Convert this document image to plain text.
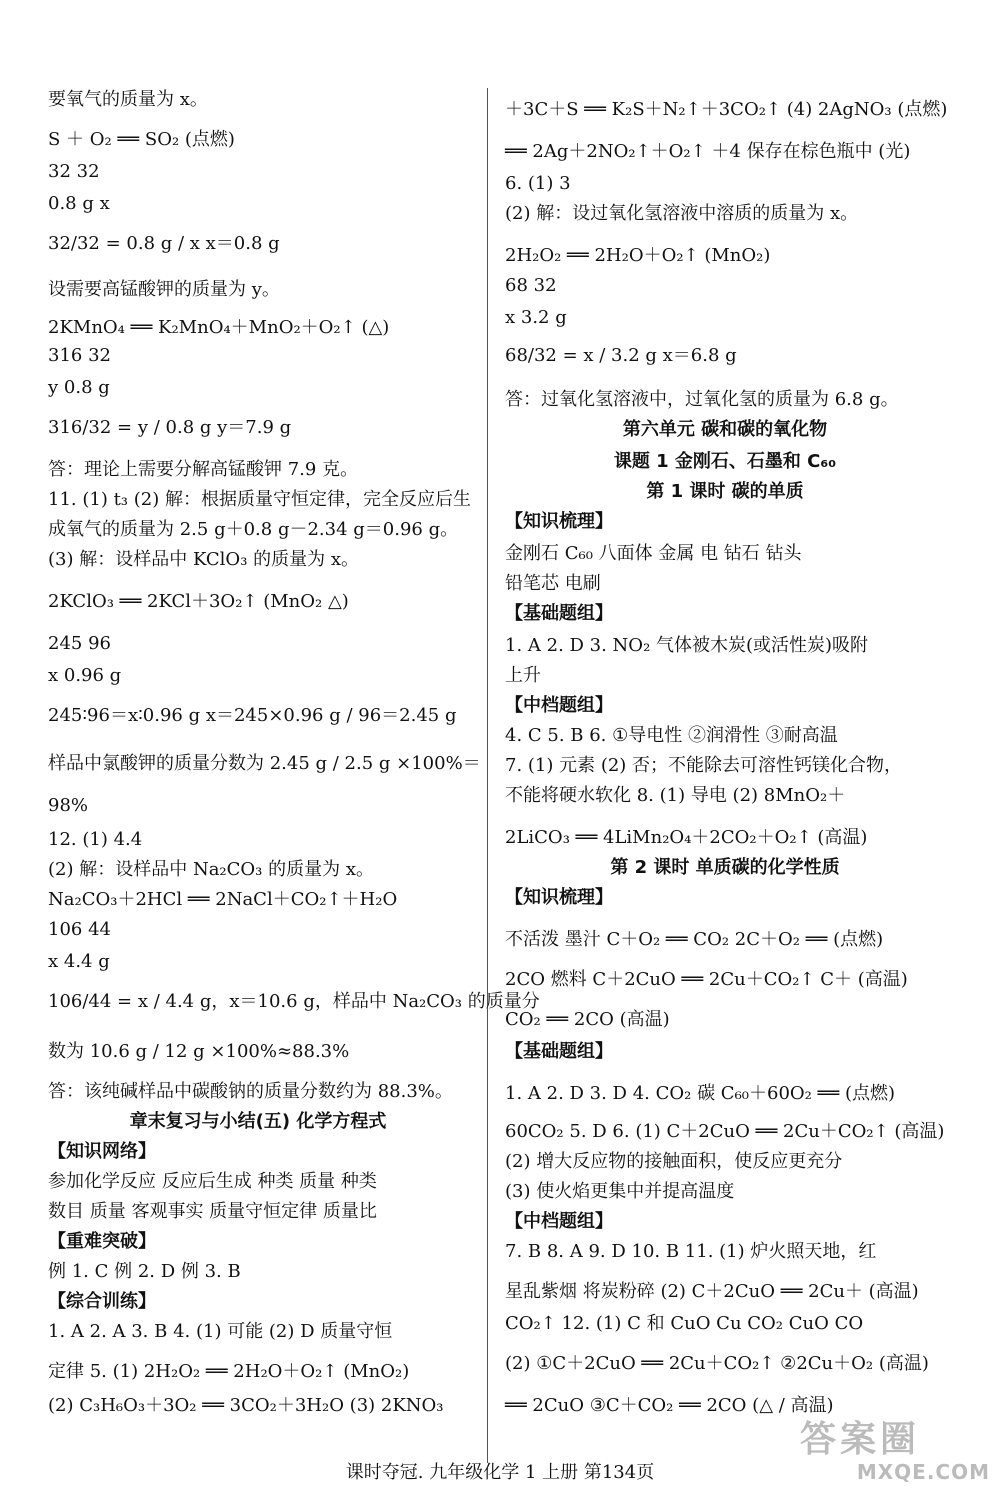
要氧气的质量为 x。
S ＋ O₂ ══ SO₂ (点燃)
32 32
0.8 g x
32/32 = 0.8 g / x x＝0.8 g
设需要高锰酸钾的质量为 y。
2KMnO₄ ══ K₂MnO₄＋MnO₂＋O₂↑ (△)
316 32
y 0.8 g
316/32 = y / 0.8 g y＝7.9 g
答：理论上需要分解高锰酸钾 7.9 克。
11. (1) t₃ (2) 解：根据质量守恒定律，完全反应后生
成氧气的质量为 2.5 g＋0.8 g－2.34 g＝0.96 g。
(3) 解：设样品中 KClO₃ 的质量为 x。
2KClO₃ ══ 2KCl＋3O₂↑ (MnO₂ △)
245 96
x 0.96 g
245∶96＝x∶0.96 g x＝245×0.96 g / 96＝2.45 g
样品中氯酸钾的质量分数为 2.45 g / 2.5 g ×100%＝
98%
12. (1) 4.4
(2) 解：设样品中 Na₂CO₃ 的质量为 x。
Na₂CO₃＋2HCl ══ 2NaCl＋CO₂↑＋H₂O
106 44
x 4.4 g
106/44 = x / 4.4 g，x＝10.6 g，样品中 Na₂CO₃ 的质量分
数为 10.6 g / 12 g ×100%≈88.3%
答：该纯碱样品中碳酸钠的质量分数约为 88.3%。
章末复习与小结(五) 化学方程式
【知识网络】
参加化学反应 反应后生成 种类 质量 种类
数目 质量 客观事实 质量守恒定律 质量比
【重难突破】
例 1. C 例 2. D 例 3. B
【综合训练】
1. A 2. A 3. B 4. (1) 可能 (2) D 质量守恒
定律 5. (1) 2H₂O₂ ══ 2H₂O＋O₂↑ (MnO₂)
(2) C₃H₆O₃＋3O₂ ══ 3CO₂＋3H₂O (3) 2KNO₃
＋3C＋S ══ K₂S＋N₂↑＋3CO₂↑ (4) 2AgNO₃ (点燃)
══ 2Ag＋2NO₂↑＋O₂↑ ＋4 保存在棕色瓶中 (光)
6. (1) 3
(2) 解：设过氧化氢溶液中溶质的质量为 x。
2H₂O₂ ══ 2H₂O＋O₂↑ (MnO₂)
68 32
x 3.2 g
68/32 = x / 3.2 g x＝6.8 g
答：过氧化氢溶液中，过氧化氢的质量为 6.8 g。
第六单元 碳和碳的氧化物
课题 1 金刚石、石墨和 C₆₀
第 1 课时 碳的单质
【知识梳理】
金刚石 C₆₀ 八面体 金属 电 钻石 钻头
铅笔芯 电刷
【基础题组】
1. A 2. D 3. NO₂ 气体被木炭(或活性炭)吸附
上升
【中档题组】
4. C 5. B 6. ①导电性 ②润滑性 ③耐高温
7. (1) 元素 (2) 否；不能除去可溶性钙镁化合物，
不能将硬水软化 8. (1) 导电 (2) 8MnO₂＋
2LiCO₃ ══ 4LiMn₂O₄＋2CO₂＋O₂↑ (高温)
第 2 课时 单质碳的化学性质
【知识梳理】
不活泼 墨汁 C＋O₂ ══ CO₂ 2C＋O₂ ══ (点燃)
2CO 燃料 C＋2CuO ══ 2Cu＋CO₂↑ C＋ (高温)
CO₂ ══ 2CO (高温)
【基础题组】
1. A 2. D 3. D 4. CO₂ 碳 C₆₀＋60O₂ ══ (点燃)
60CO₂ 5. D 6. (1) C＋2CuO ══ 2Cu＋CO₂↑ (高温)
(2) 增大反应物的接触面积，使反应更充分
(3) 使火焰更集中并提高温度
【中档题组】
7. B 8. A 9. D 10. B 11. (1) 炉火照天地，红
星乱紫烟 将炭粉碎 (2) C＋2CuO ══ 2Cu＋ (高温)
CO₂↑ 12. (1) C 和 CuO Cu CO₂ CuO CO
(2) ①C＋2CuO ══ 2Cu＋CO₂↑ ②2Cu＋O₂ (高温)
══ 2CuO ③C＋CO₂ ══ 2CO (△ / 高温)
课时夺冠. 九年级化学 1 上册 第134页
答案圈
MXQE.COM
